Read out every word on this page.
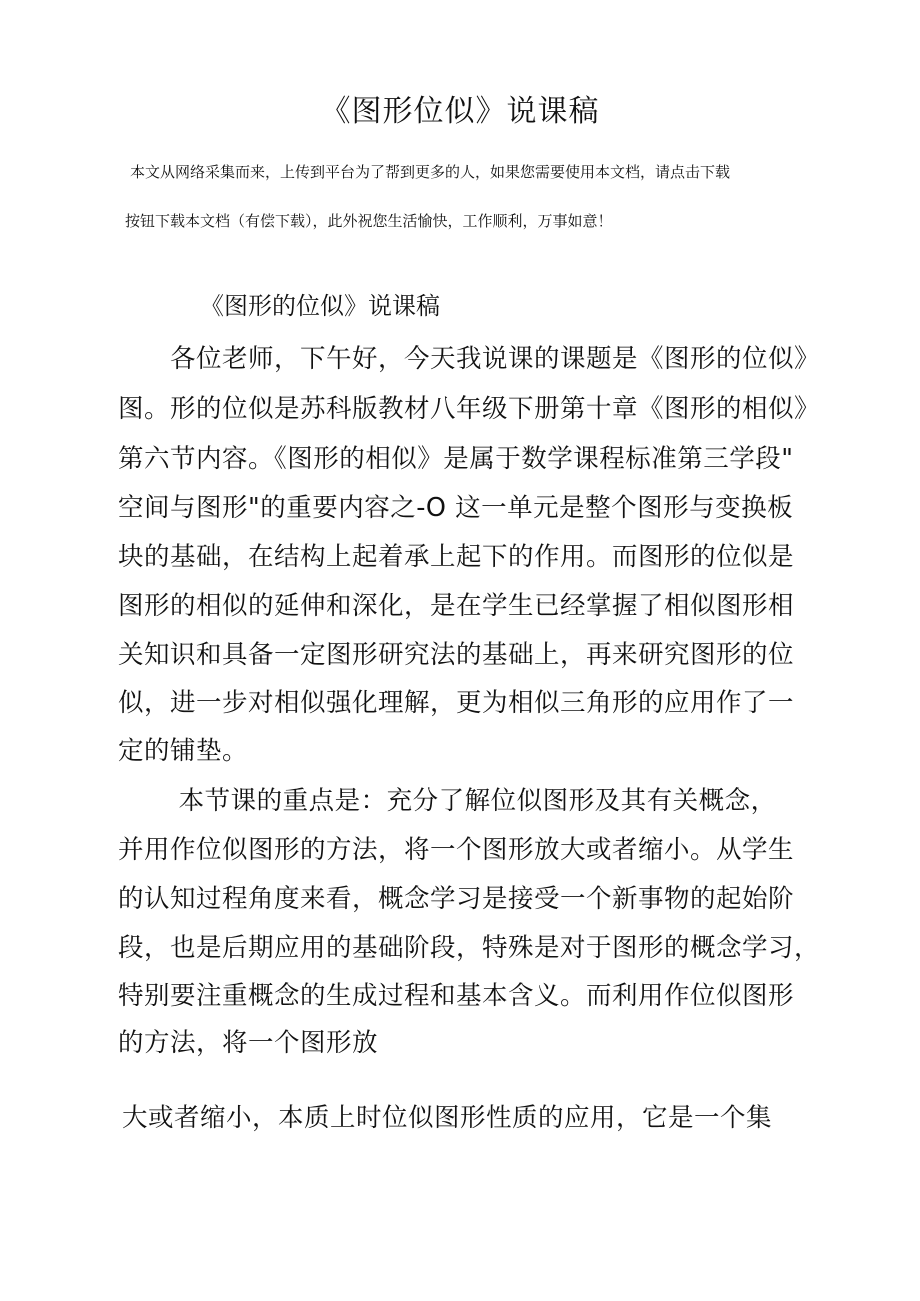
《图形位似》说课稿
本文从网络采集而来，上传到平台为了帮到更多的人，如果您需要使用本文档，请点击下载
按钮下载本文档（有偿下载），此外祝您生活愉快，工作顺利，万事如意！
《图形的位似》说课稿
　　各位老师，下午好，今天我说课的课题是《图形的位似》
图。形的位似是苏科版教材八年级下册第十章《图形的相似》
第六节内容。《图形的相似》是属于数学课程标准第三学段"
空间与图形"的重要内容之-O 这一单元是整个图形与变换板
块的基础，在结构上起着承上起下的作用。而图形的位似是
图形的相似的延伸和深化，是在学生已经掌握了相似图形相
关知识和具备一定图形研究法的基础上，再来研究图形的位
似，进一步对相似强化理解，更为相似三角形的应用作了一
定的铺垫。
　　 本节课的重点是：充分了解位似图形及其有关概念，
并用作位似图形的方法，将一个图形放大或者缩小。从学生
的认知过程角度来看，概念学习是接受一个新事物的起始阶
段，也是后期应用的基础阶段，特殊是对于图形的概念学习，
特别要注重概念的生成过程和基本含义。而利用作位似图形
的方法，将一个图形放
大或者缩小，本质上时位似图形性质的应用，它是一个集
